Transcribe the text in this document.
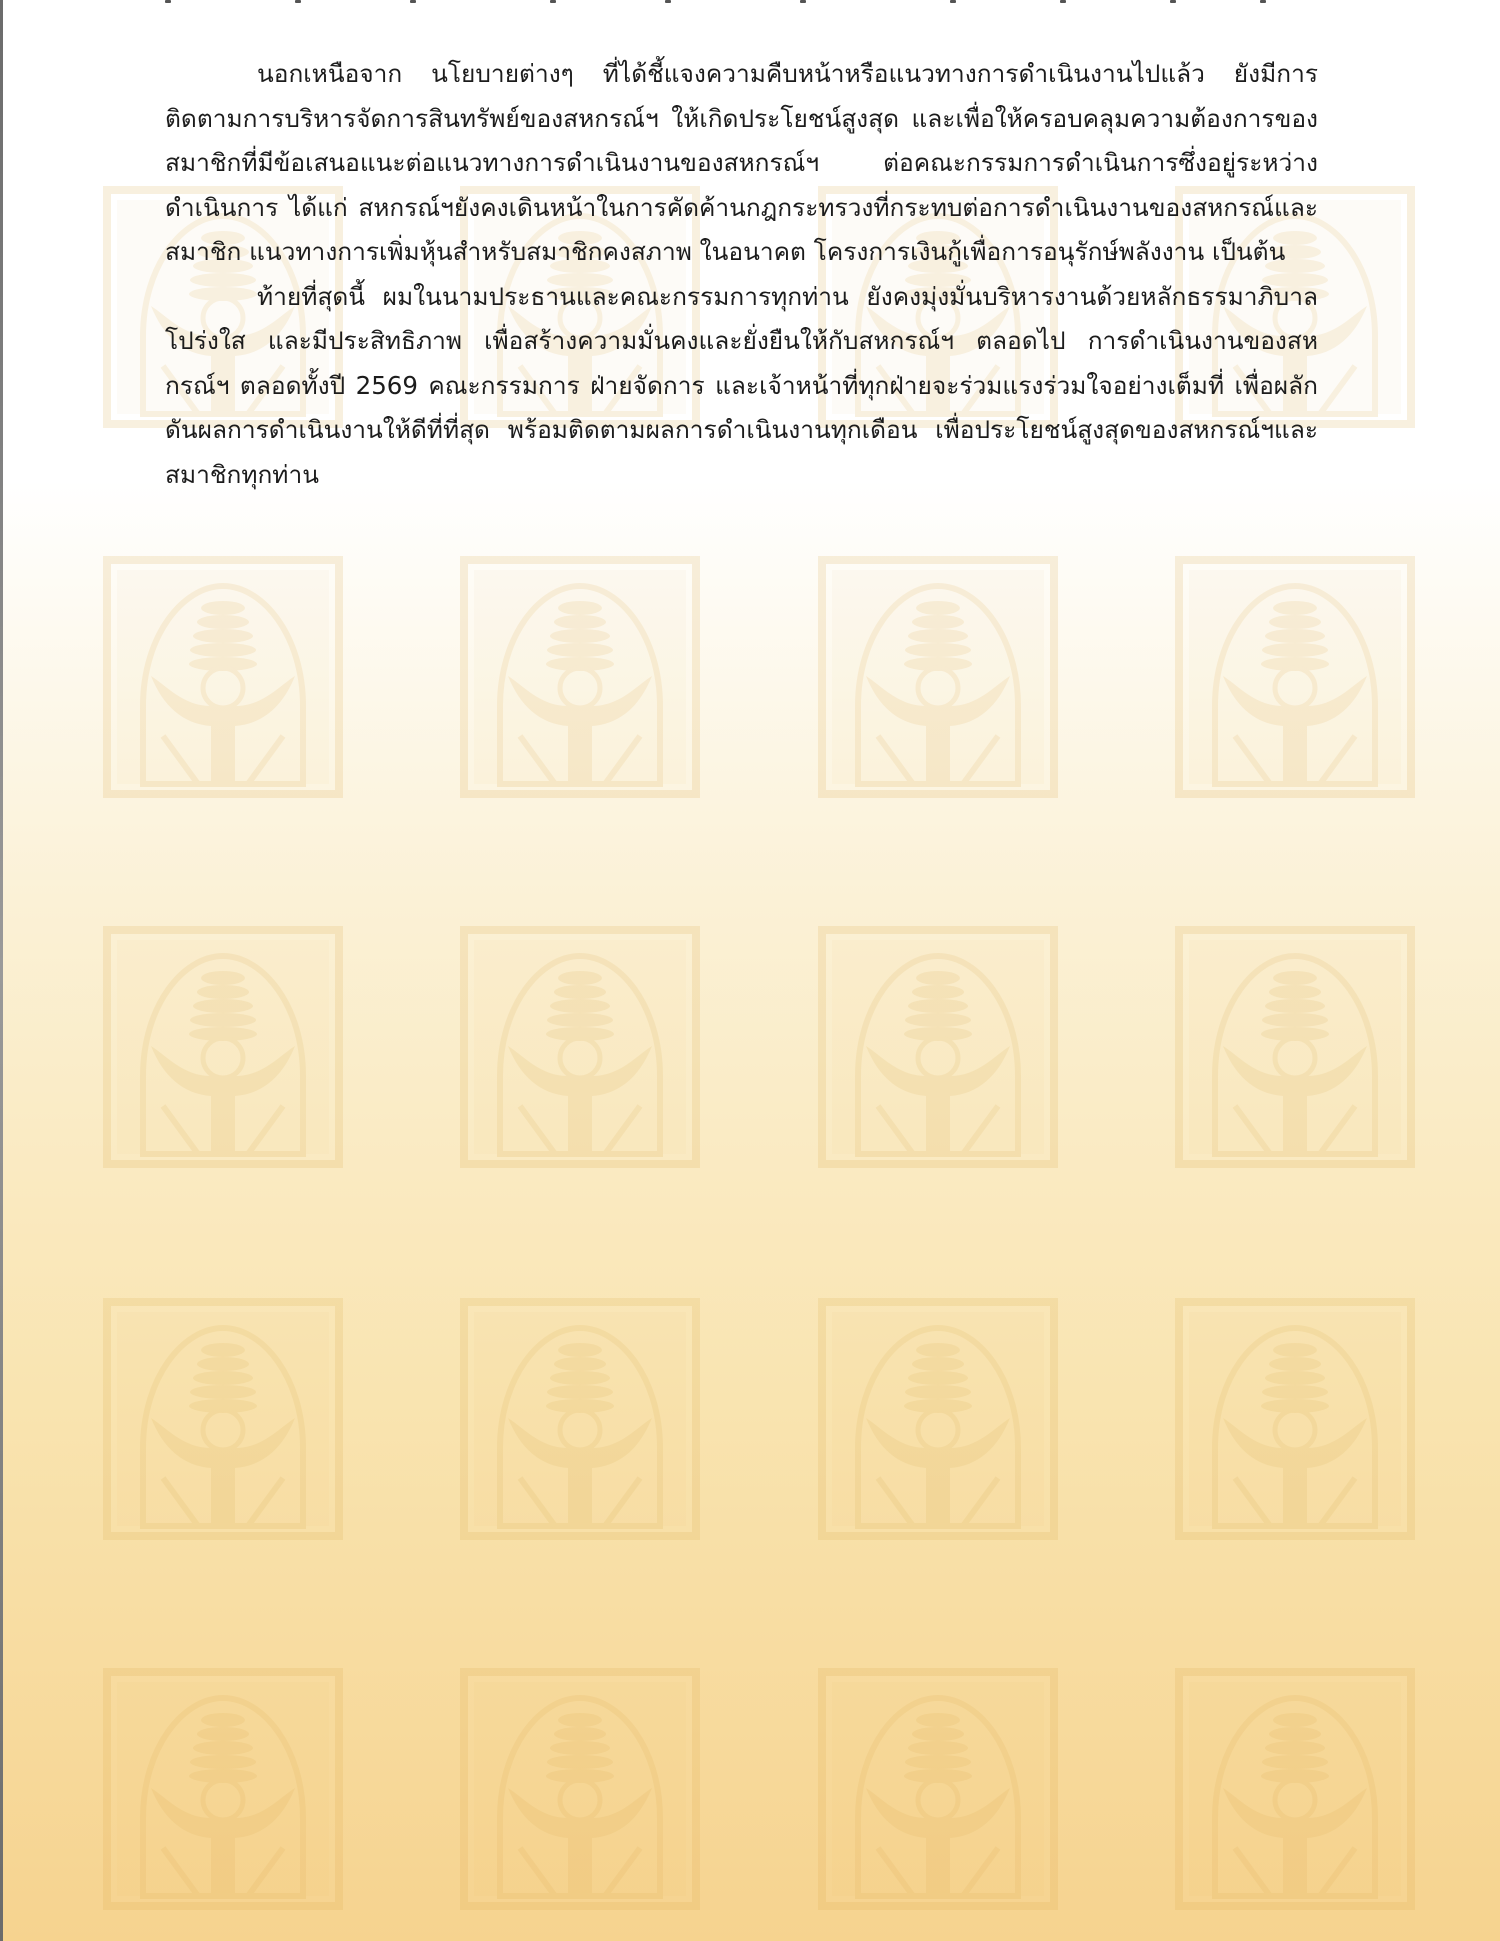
นอกเหนือจาก นโยบายต่างๆ ที่ได้ชี้แจงความคืบหน้าหรือแนวทางการดำเนินงานไปแล้ว ยังมีการติดตามการบริหารจัดการสินทรัพย์ของสหกรณ์ฯ ให้เกิดประโยชน์สูงสุด และเพื่อให้ครอบคลุมความต้องการของสมาชิกที่มีข้อเสนอแนะต่อแนวทางการดำเนินงานของสหกรณ์ฯ ต่อคณะกรรมการดำเนินการซึ่งอยู่ระหว่างดำเนินการ ได้แก่ สหกรณ์ฯยังคงเดินหน้าในการคัดค้านกฎกระทรวงที่กระทบต่อการดำเนินงานของสหกรณ์และสมาชิก แนวทางการเพิ่มหุ้นสำหรับสมาชิกคงสภาพ ในอนาคต โครงการเงินกู้เพื่อการอนุรักษ์พลังงาน เป็นต้น

ท้ายที่สุดนี้ ผมในนามประธานและคณะกรรมการทุกท่าน ยังคงมุ่งมั่นบริหารงานด้วยหลักธรรมาภิบาล โปร่งใส และมีประสิทธิภาพ เพื่อสร้างความมั่นคงและยั่งยืนให้กับสหกรณ์ฯ ตลอดไป การดำเนินงานของสหกรณ์ฯ ตลอดทั้งปี 2569 คณะกรรมการ ฝ่ายจัดการ และเจ้าหน้าที่ทุกฝ่ายจะร่วมแรงร่วมใจอย่างเต็มที่ เพื่อผลักดันผลการดำเนินงานให้ดีที่ที่สุด พร้อมติดตามผลการดำเนินงานทุกเดือน เพื่อประโยชน์สูงสุดของสหกรณ์ฯและสมาชิกทุกท่าน
